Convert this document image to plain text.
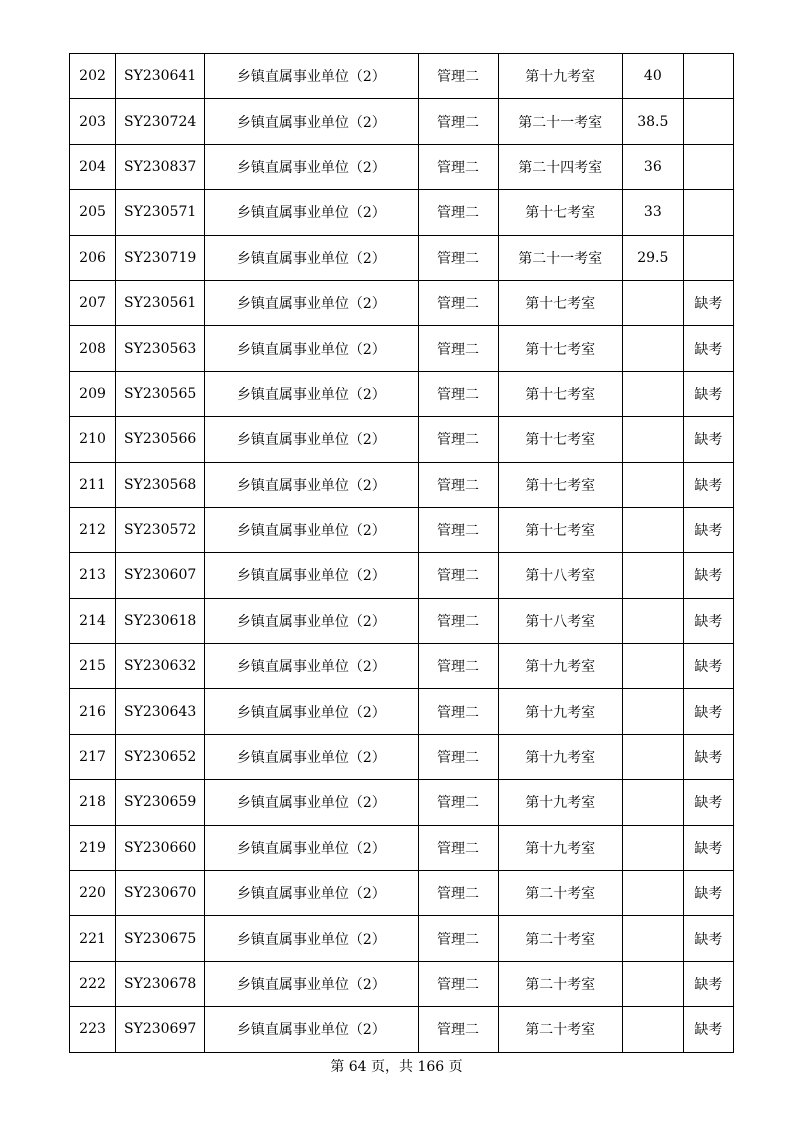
202	SY230641	乡镇直属事业单位（2）	管理二	第十九考室	40	
203	SY230724	乡镇直属事业单位（2）	管理二	第二十一考室	38.5	
204	SY230837	乡镇直属事业单位（2）	管理二	第二十四考室	36	
205	SY230571	乡镇直属事业单位（2）	管理二	第十七考室	33	
206	SY230719	乡镇直属事业单位（2）	管理二	第二十一考室	29.5	
207	SY230561	乡镇直属事业单位（2）	管理二	第十七考室		缺考
208	SY230563	乡镇直属事业单位（2）	管理二	第十七考室		缺考
209	SY230565	乡镇直属事业单位（2）	管理二	第十七考室		缺考
210	SY230566	乡镇直属事业单位（2）	管理二	第十七考室		缺考
211	SY230568	乡镇直属事业单位（2）	管理二	第十七考室		缺考
212	SY230572	乡镇直属事业单位（2）	管理二	第十七考室		缺考
213	SY230607	乡镇直属事业单位（2）	管理二	第十八考室		缺考
214	SY230618	乡镇直属事业单位（2）	管理二	第十八考室		缺考
215	SY230632	乡镇直属事业单位（2）	管理二	第十九考室		缺考
216	SY230643	乡镇直属事业单位（2）	管理二	第十九考室		缺考
217	SY230652	乡镇直属事业单位（2）	管理二	第十九考室		缺考
218	SY230659	乡镇直属事业单位（2）	管理二	第十九考室		缺考
219	SY230660	乡镇直属事业单位（2）	管理二	第十九考室		缺考
220	SY230670	乡镇直属事业单位（2）	管理二	第二十考室		缺考
221	SY230675	乡镇直属事业单位（2）	管理二	第二十考室		缺考
222	SY230678	乡镇直属事业单位（2）	管理二	第二十考室		缺考
223	SY230697	乡镇直属事业单位（2）	管理二	第二十考室		缺考
第 64 页，共 166 页
